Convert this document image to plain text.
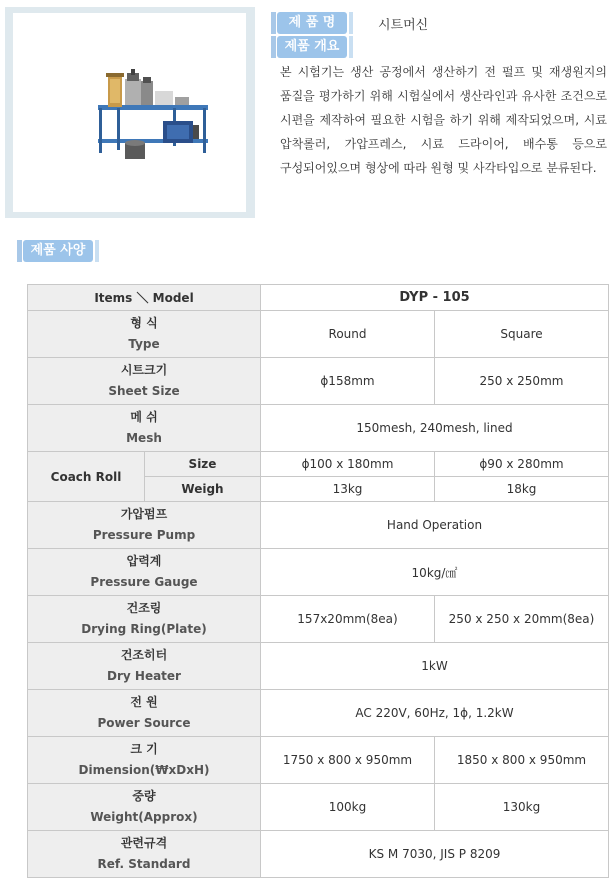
제 품 명	시트머신
제품 개요
본 시험기는 생산 공정에서 생산하기 전 펄프 및 재생원지의 품질을 평가하기 위해 시험실에서 생산라인과 유사한 조건으로 시편을 제작하여 필요한 시험을 하기 위해 제작되었으며, 시료 압착롤러, 가압프레스, 시료 드라이어, 배수통 등으로 구성되어있으며 형상에 따라 원형 및 사각타입으로 분류된다.
제품 사양
Items ＼ Model		DYP - 105	

형 식
Type		Round	Square

시트크기
Sheet Size		ϕ158mm	250 x 250mm

메 쉬
Mesh		150mesh, 240mesh, lined	
Coach Roll	Size	ϕ100 x 180mm	ϕ90 x 280mm
	Weigh	13kg	18kg

가압펌프
Pressure Pump		Hand Operation	

압력계
Pressure Gauge		10kg/㎠	

건조링
Drying Ring(Plate)		157x20mm(8ea)	250 x 250 x 20mm(8ea)

건조히터
Dry Heater		1kW	

전 원
Power Source		AC 220V, 60Hz, 1ϕ, 1.2kW	

크 기
Dimension(₩xDxH)		1750 x 800 x 950mm	1850 x 800 x 950mm

중량
Weight(Approx)		100kg	130kg

관련규격
Ref. Standard		KS M 7030, JIS P 8209	
